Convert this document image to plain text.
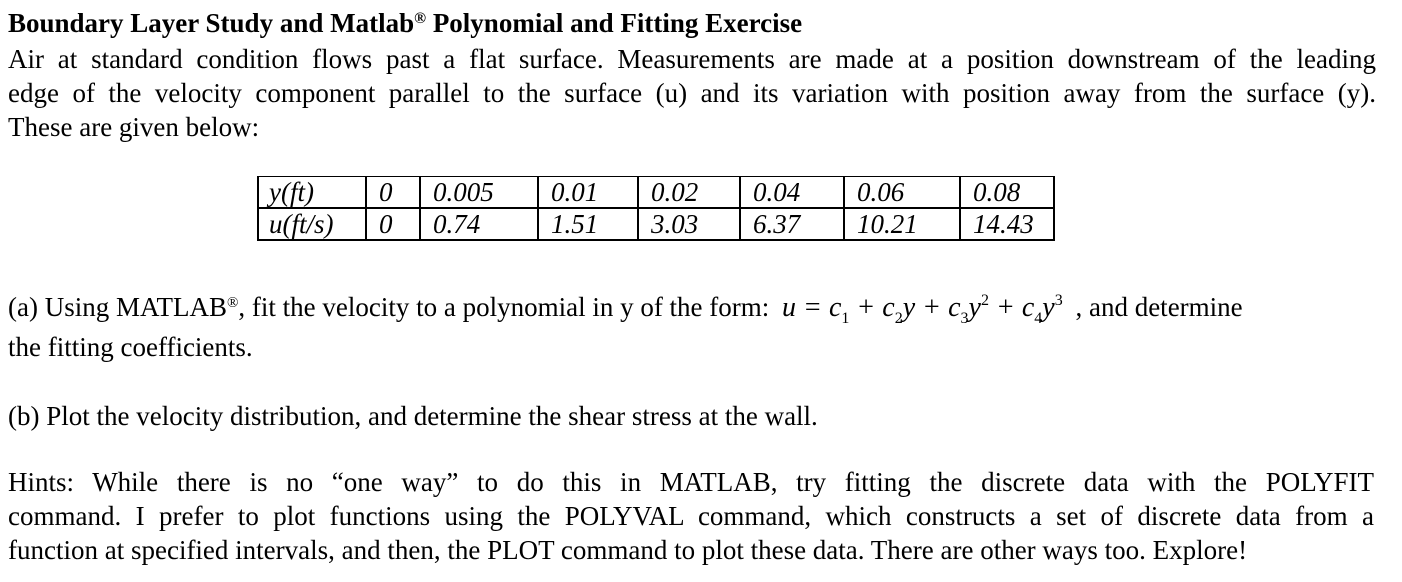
Boundary Layer Study and Matlab® Polynomial and Fitting Exercise
Air at standard condition flows past a flat surface. Measurements are made at a position downstream of the leading
edge of the velocity component parallel to the surface (u) and its variation with position away from the surface (y).
These are given below:
y(ft)	0	0.005	0.01	0.02	0.04	0.06	0.08
u(ft/s)	0	0.74	1.51	3.03	6.37	10.21	14.43
(a) Using MATLAB®, fit the velocity to a polynomial in y of the form: $u = c_1 + c_2y + c_3y^2 + c_4y^3$ , and determine
the fitting coefficients.
(b) Plot the velocity distribution, and determine the shear stress at the wall.
Hints: While there is no “one way” to do this in MATLAB, try fitting the discrete data with the POLYFIT
command. I prefer to plot functions using the POLYVAL command, which constructs a set of discrete data from a
function at specified intervals, and then, the PLOT command to plot these data. There are other ways too. Explore!
